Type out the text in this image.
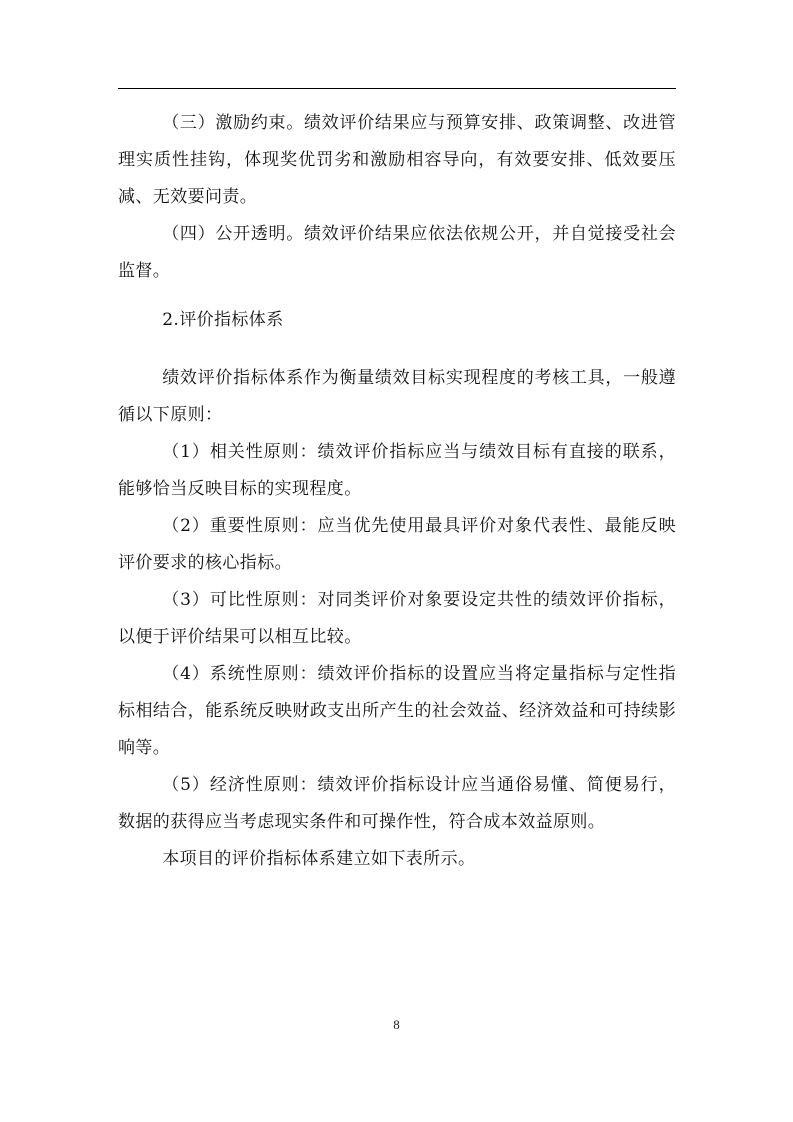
（三）激励约束。绩效评价结果应与预算安排、政策调整、改进管理实质性挂钩，体现奖优罚劣和激励相容导向，有效要安排、低效要压减、无效要问责。

（四）公开透明。绩效评价结果应依法依规公开，并自觉接受社会监督。

2.评价指标体系

绩效评价指标体系作为衡量绩效目标实现程度的考核工具，一般遵循以下原则：

（1）相关性原则：绩效评价指标应当与绩效目标有直接的联系，能够恰当反映目标的实现程度。

（2）重要性原则：应当优先使用最具评价对象代表性、最能反映评价要求的核心指标。

（3）可比性原则：对同类评价对象要设定共性的绩效评价指标，以便于评价结果可以相互比较。

（4）系统性原则：绩效评价指标的设置应当将定量指标与定性指标相结合，能系统反映财政支出所产生的社会效益、经济效益和可持续影响等。

（5）经济性原则：绩效评价指标设计应当通俗易懂、简便易行，数据的获得应当考虑现实条件和可操作性，符合成本效益原则。

本项目的评价指标体系建立如下表所示。

8
